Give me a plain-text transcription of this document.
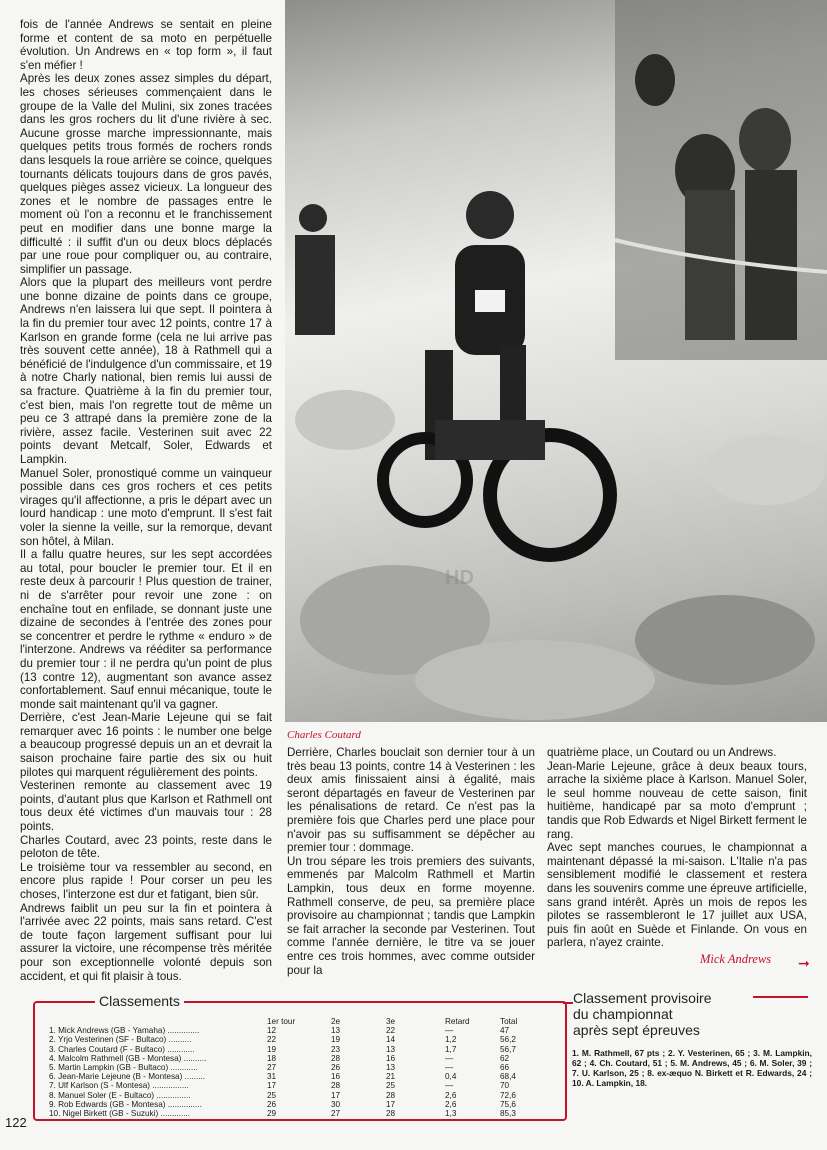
fois de l'année Andrews se sentait en pleine forme et content de sa moto en perpétuelle évolution. Un Andrews en « top form », il faut s'en méfier !

Après les deux zones assez simples du départ, les choses sérieuses commençaient dans le groupe de la Valle del Mulini, six zones tracées dans les gros rochers du lit d'une rivière à sec. Aucune grosse marche impressionnante, mais quelques petits trous formés de rochers ronds dans lesquels la roue arrière se coince, quelques tournants délicats toujours dans de gros pavés, quelques pièges assez vicieux. La longueur des zones et le nombre de passages entre le moment où l'on a reconnu et le franchissement peut en modifier dans une bonne marge la difficulté : il suffit d'un ou deux blocs déplacés par une roue pour compliquer ou, au contraire, simplifier un passage.

Alors que la plupart des meilleurs vont perdre une bonne dizaine de points dans ce groupe, Andrews n'en laissera lui que sept. Il pointera à la fin du premier tour avec 12 points, contre 17 à Karlson en grande forme (cela ne lui arrive pas très souvent cette année), 18 à Rathmell qui a bénéficié de l'indulgence d'un commissaire, et 19 à notre Charly national, bien remis lui aussi de sa fracture. Quatrième à la fin du premier tour, c'est bien, mais l'on regrette tout de même un peu ce 3 attrapé dans la première zone de la rivière, assez facile. Vesterinen suit avec 22 points devant Metcalf, Soler, Edwards et Lampkin.

Manuel Soler, pronostiqué comme un vainqueur possible dans ces gros rochers et ces petits virages qu'il affectionne, a pris le départ avec un lourd handicap : une moto d'emprunt. Il s'est fait voler la sienne la veille, sur la remorque, devant son hôtel, à Milan.

Il a fallu quatre heures, sur les sept accordées au total, pour boucler le premier tour. Et il en reste deux à parcourir ! Plus question de trainer, ni de s'arrêter pour revoir une zone : on enchaîne tout en enfilade, se donnant juste une dizaine de secondes à l'entrée des zones pour se concentrer et perdre le rythme « enduro » de l'interzone. Andrews va rééditer sa performance du premier tour : il ne perdra qu'un point de plus (13 contre 12), augmentant son avance assez confortablement. Sauf ennui mécanique, toute le monde sait maintenant qu'il va gagner.

Derrière, c'est Jean-Marie Lejeune qui se fait remarquer avec 16 points : le number one belge a beaucoup progressé depuis un an et devrait la saison prochaine faire partie des six ou huit pilotes qui marquent régulièrement des points.

Vesterinen remonte au classement avec 19 points, d'autant plus que Karlson et Rathmell ont tous deux été victimes d'un mauvais tour : 28 points.

Charles Coutard, avec 23 points, reste dans le peloton de tête.

Le troisième tour va ressembler au second, en encore plus rapide ! Pour corser un peu les choses, l'interzone est dur et fatigant, bien sûr.

Andrews faiblit un peu sur la fin et pointera à l'arrivée avec 22 points, mais sans retard. C'est de toute façon largement suffisant pour lui assurer la victoire, une récompense très méritée pour son exceptionnelle volonté depuis son accident, et qui fit plaisir à tous.

HD
Charles Coutard

Derrière, Charles bouclait son dernier tour à un très beau 13 points, contre 14 à Vesterinen : les deux amis finissaient ainsi à égalité, mais seront départagés en faveur de Vesterinen par les pénalisations de retard. Ce n'est pas la première fois que Charles perd une place pour n'avoir pas su suffisamment se dépêcher au premier tour : dommage.

Un trou sépare les trois premiers des suivants, emmenés par Malcolm Rathmell et Martin Lampkin, tous deux en forme moyenne. Rathmell conserve, de peu, sa première place provisoire au championnat ; tandis que Lampkin se fait arracher la seconde par Vesterinen. Tout comme l'année dernière, le titre va se jouer entre ces trois hommes, avec comme outsider pour la

quatrième place, un Coutard ou un Andrews.

Jean-Marie Lejeune, grâce à deux beaux tours, arrache la sixième place à Karlson. Manuel Soler, le seul homme nouveau de cette saison, finit huitième, handicapé par sa moto d'emprunt ; tandis que Rob Edwards et Nigel Birkett ferment le rang.

Avec sept manches courues, le championnat a maintenant dépassé la mi-saison. L'Italie n'a pas sensiblement modifié le classement et restera dans les souvenirs comme une épreuve artificielle, sans grand intérêt. Après un mois de repos les pilotes se rassembleront le 17 juillet aux USA, puis fin août en Suède et Finlande. On vous en parlera, n'ayez crainte.

Mick Andrews ➞
Classements
1er tour	2e	3e	Retard	Total
1. Mick Andrews (GB - Yamaha) ..............	12	13	22	—	47
2. Yrjo Vesterinen (SF - Bultaco) ..........	22	19	14	1,2	56,2
3. Charles Coutard (F - Bultaco) ............	19	23	13	1,7	56,7
4. Malcolm Rathmell (GB - Montesa) ..........	18	28	16	—	62
5. Martin Lampkin (GB - Bultaco) ............	27	26	13	—	66
6. Jean-Marie Lejeune (B - Montesa) .........	31	16	21	0,4	68,4
7. Ulf Karlson (S - Montesa) ................	17	28	25	—	70
8. Manuel Soler (E - Bultaco) ...............	25	17	28	2,6	72,6
9. Rob Edwards (GB - Montesa) ...............	26	30	17	2,6	75,6
10. Nigel Birkett (GB - Suzuki) .............	29	27	28	1,3	85,3
Classement provisoire
du championnat
après sept épreuves
1. M. Rathmell, 67 pts ; 2. Y. Vesterinen, 65 ; 3. M. Lampkin, 62 ; 4. Ch. Coutard, 51 ; 5. M. Andrews, 45 ; 6. M. Soler, 39 ; 7. U. Karlson, 25 ; 8. ex-æquo N. Birkett et R. Edwards, 24 ; 10. A. Lampkin, 18.
122
